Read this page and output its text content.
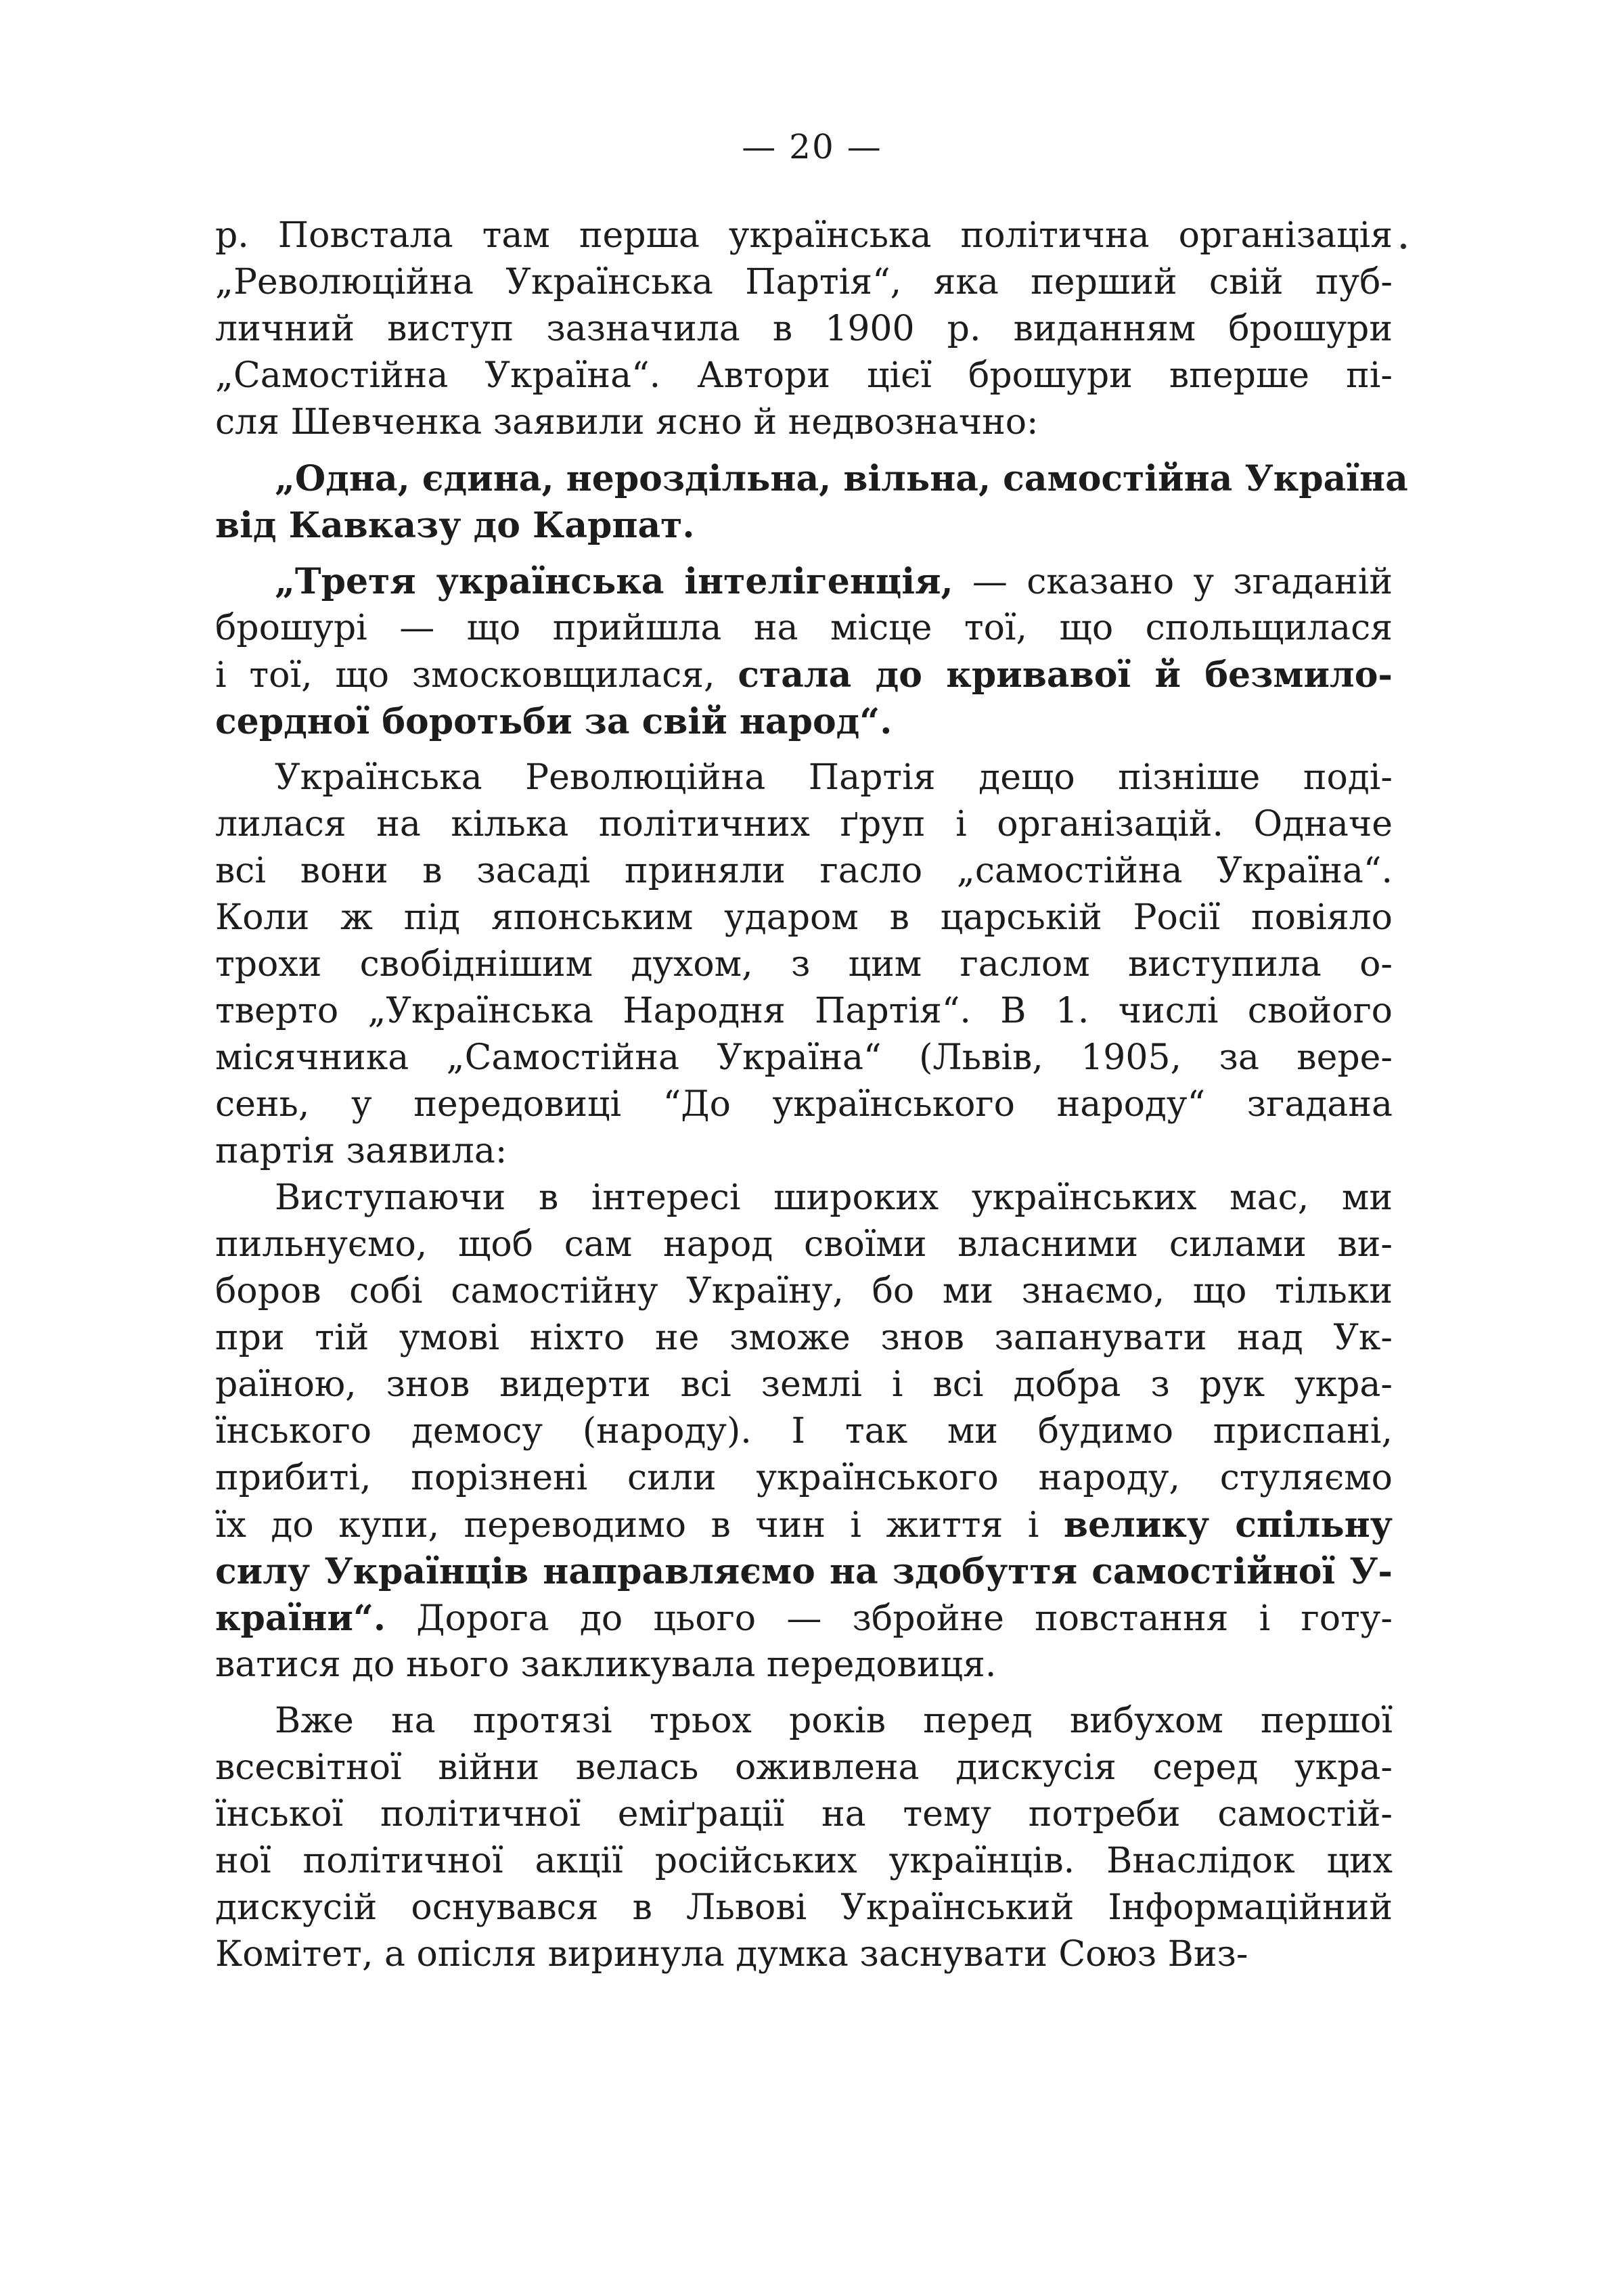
— 20 —
р. Повстала там перша українська політична організація
„Революційна Українська Партія“, яка перший свій пуб-
личний виступ зазначила в 1900 р. виданням брошури
„Самостійна Україна“. Автори цієї брошури вперше пі-
сля Шевченка заявили ясно й недвозначно:
„Одна, єдина, нероздільна, вільна, самостійна Україна
від Кавказу до Карпат.
„Третя українська інтелігенція, — сказано у згаданій
брошурі — що прийшла на місце тої, що спольщилася
і тої, що змосковщилася, стала до кривавої й безмило-
сердної боротьби за свій народ“.
Українська Революційна Партія дещо пізніше поді-
лилася на кілька політичних ґруп і організацій. Одначе
всі вони в засаді приняли гасло „самостійна Україна“.
Коли ж під японським ударом в царській Росії повіяло
трохи свобіднішим духом, з цим гаслом виступила о-
тверто „Українська Народня Партія“. В 1. числі свойого
місячника „Самостійна Україна“ (Львів, 1905, за вере-
сень, у передовиці “До українського народу“ згадана
партія заявила:
Виступаючи в інтересі широких українських мас, ми
пильнуємо, щоб сам народ своїми власними силами ви-
боров собі самостійну Україну, бо ми знаємо, що тільки
при тій умові ніхто не зможе знов запанувати над Ук-
раїною, знов видерти всі землі і всі добра з рук укра-
їнського демосу (народу). І так ми будимо приспані,
прибиті, порізнені сили українського народу, стуляємо
їх до купи, переводимо в чин і життя і велику спільну
силу Українців направляємо на здобуття самостійної У-
країни“. Дорога до цього — збройне повстання і готу-
ватися до нього закликувала передовиця.
Вже на протязі трьох років перед вибухом першої
всесвітної війни велась оживлена дискусія серед укра-
їнської політичної еміґрації на тему потреби самостій-
ної політичної акції російських українців. Внаслідок цих
дискусій оснувався в Львові Український Інформаційний
Комітет, а опісля виринула думка заснувати Союз Виз-
